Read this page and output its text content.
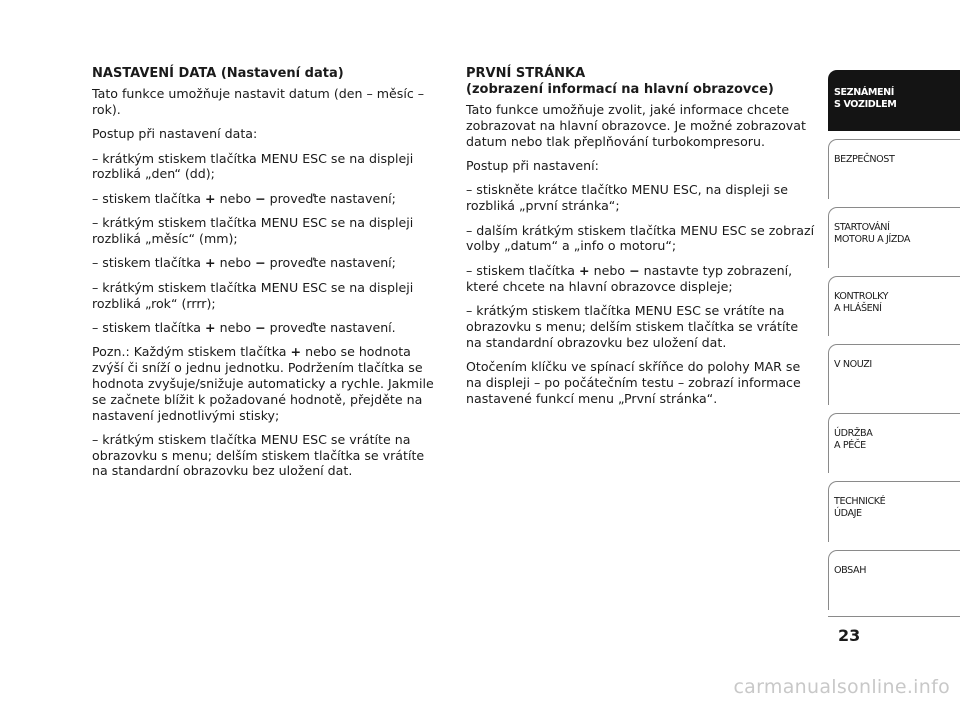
NASTAVENÍ DATA (Nastavení data)

Tato funkce umožňuje nastavit datum (den – měsíc – rok).

Postup při nastavení data:

– krátkým stiskem tlačítka MENU ESC se na displeji rozbliká „den“ (dd);

– stiskem tlačítka + nebo − proveďte nastavení;

– krátkým stiskem tlačítka MENU ESC se na displeji rozbliká „měsíc“ (mm);

– stiskem tlačítka + nebo − proveďte nastavení;

– krátkým stiskem tlačítka MENU ESC se na displeji rozbliká „rok“ (rrrr);

– stiskem tlačítka + nebo − proveďte nastavení.

Pozn.: Každým stiskem tlačítka + nebo se hodnota zvýší či sníží o jednu jednotku. Podržením tlačítka se hodnota zvyšuje/snižuje automaticky a rychle. Jakmile se začnete blížit k požadované hodnotě, přejděte na nastavení jednotlivými stisky;

– krátkým stiskem tlačítka MENU ESC se vrátíte na obrazovku s menu; delším stiskem tlačítka se vrátíte na standardní obrazovku bez uložení dat.

PRVNÍ STRÁNKA
(zobrazení informací na hlavní obrazovce)

Tato funkce umožňuje zvolit, jaké informace chcete zobrazovat na hlavní obrazovce. Je možné zobrazovat datum nebo tlak přeplňování turbokompresoru.

Postup při nastavení:

– stiskněte krátce tlačítko MENU ESC, na displeji se rozbliká „první stránka“;

– dalším krátkým stiskem tlačítka MENU ESC se zobrazí volby „datum“ a „info o motoru“;

– stiskem tlačítka + nebo − nastavte typ zobrazení, které chcete na hlavní obrazovce displeje;

– krátkým stiskem tlačítka MENU ESC se vrátíte na obrazovku s menu; delším stiskem tlačítka se vrátíte na standardní obrazovku bez uložení dat.

Otočením klíčku ve spínací skříňce do polohy MAR se na displeji – po počátečním testu – zobrazí informace nastavené funkcí menu „První stránka“.

SEZNÁMENÍ
S VOZIDLEM
BEZPEČNOST
STARTOVÁNÍ
MOTORU A JÍZDA
KONTROLKY
A HLÁŠENÍ
V NOUZI
ÚDRŽBA
A PÉČE
TECHNICKÉ
ÚDAJE
OBSAH
23
carmanualsonline.info
